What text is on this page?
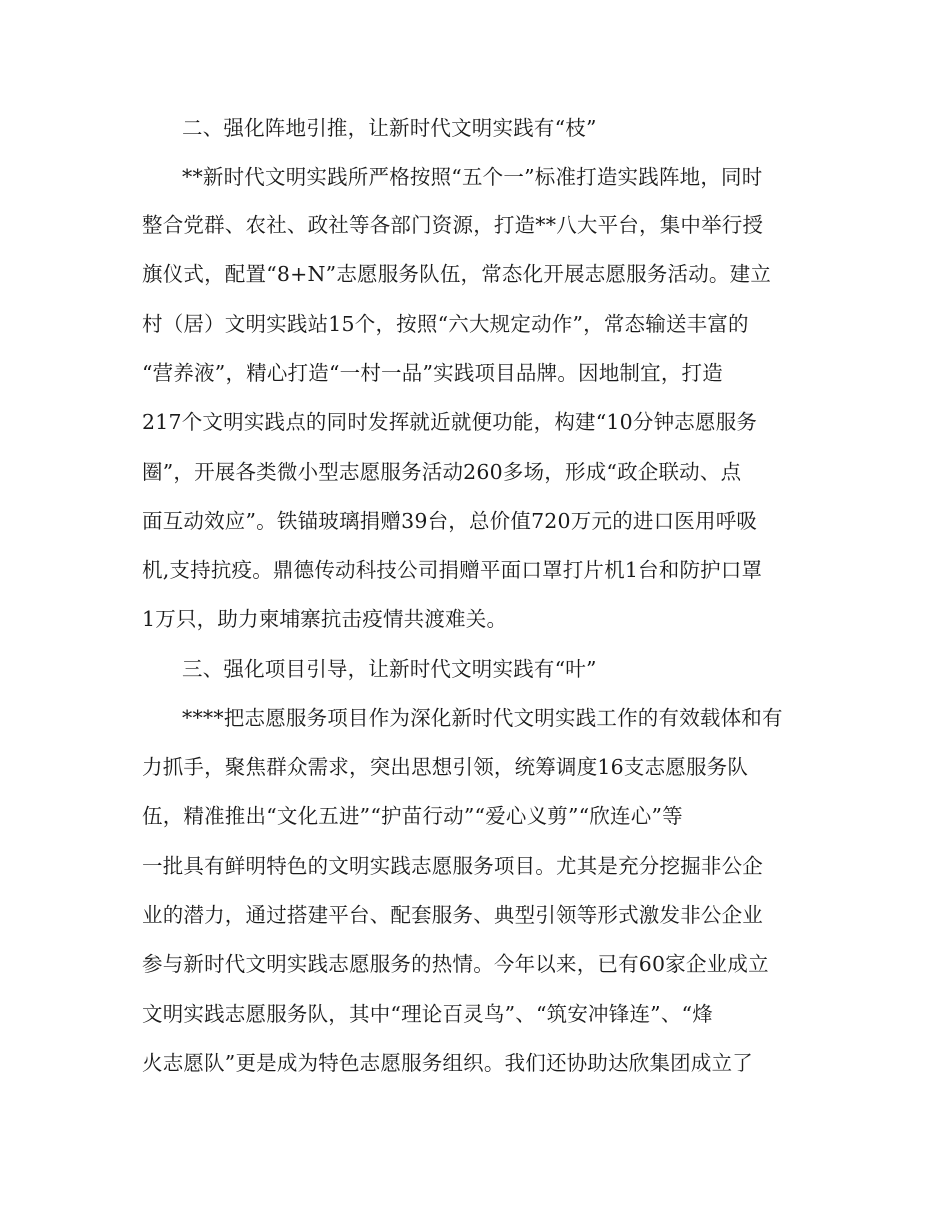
二、强化阵地引推，让新时代文明实践有“枝”

**新时代文明实践所严格按照“五个一”标准打造实践阵地，同时

整合党群、农社、政社等各部门资源，打造**八大平台，集中举行授

旗仪式，配置“8+N”志愿服务队伍，常态化开展志愿服务活动。建立

村（居）文明实践站15个，按照“六大规定动作”，常态输送丰富的

“营养液”，精心打造“一村一品”实践项目品牌。因地制宜，打造

217个文明实践点的同时发挥就近就便功能，构建“10分钟志愿服务

圈”，开展各类微小型志愿服务活动260多场，形成“政企联动、点

面互动效应”。铁锚玻璃捐赠39台，总价值720万元的进口医用呼吸

机,支持抗疫。鼎德传动科技公司捐赠平面口罩打片机1台和防护口罩

1万只，助力柬埔寨抗击疫情共渡难关。

三、强化项目引导，让新时代文明实践有“叶”

****把志愿服务项目作为深化新时代文明实践工作的有效载体和有

力抓手，聚焦群众需求，突出思想引领，统筹调度16支志愿服务队

伍，精准推出“文化五进”“护苗行动”“爱心义剪”“欣连心”等

一批具有鲜明特色的文明实践志愿服务项目。尤其是充分挖掘非公企

业的潜力，通过搭建平台、配套服务、典型引领等形式激发非公企业

参与新时代文明实践志愿服务的热情。今年以来，已有60家企业成立

文明实践志愿服务队，其中“理论百灵鸟”、“筑安冲锋连”、“烽

火志愿队”更是成为特色志愿服务组织。我们还协助达欣集团成立了
